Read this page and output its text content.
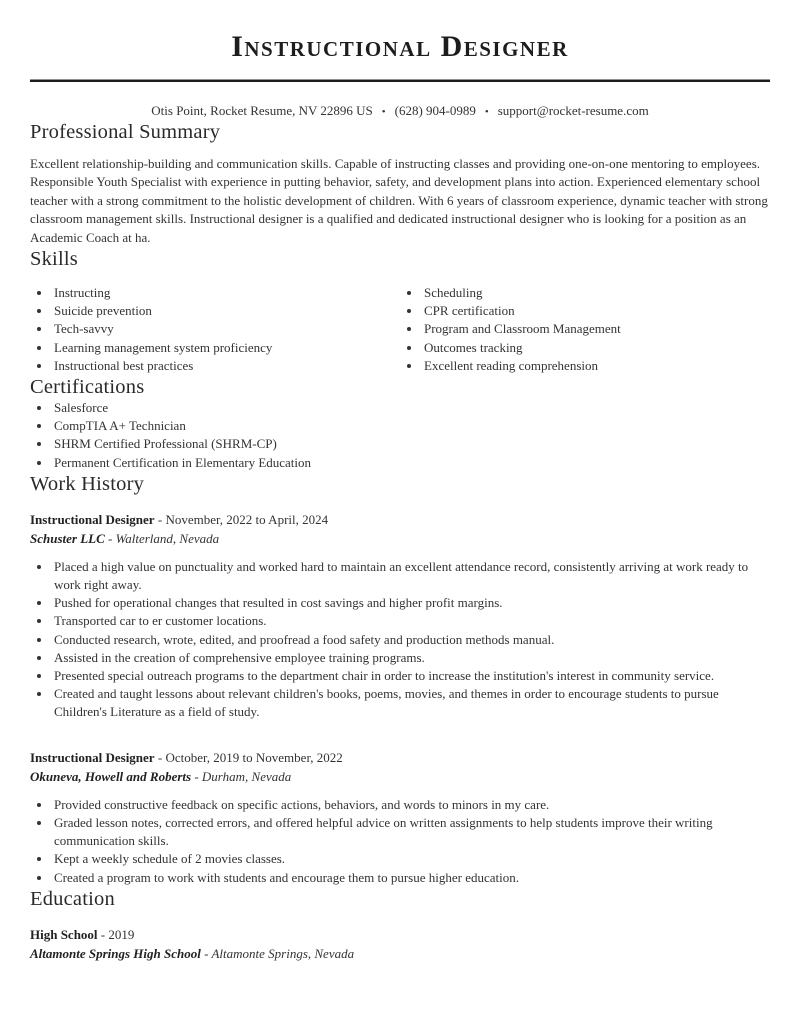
Instructional Designer
Otis Point, Rocket Resume, NV 22896 US • (628) 904-0989 • support@rocket-resume.com
Professional Summary

Excellent relationship-building and communication skills. Capable of instructing classes and providing one-on-one mentoring to employees. Responsible Youth Specialist with experience in putting behavior, safety, and development plans into action. Experienced elementary school teacher with a strong commitment to the holistic development of children. With 6 years of classroom experience, dynamic teacher with strong classroom management skills. Instructional designer is a qualified and dedicated instructional designer who is looking for a position as an Academic Coach at ha.

Skills
• Instructing
• Suicide prevention
• Tech-savvy
• Learning management system proficiency
• Instructional best practices
• Scheduling
• CPR certification
• Program and Classroom Management
• Outcomes tracking
• Excellent reading comprehension
Certifications
• Salesforce
• CompTIA A+ Technician
• SHRM Certified Professional (SHRM-CP)
• Permanent Certification in Elementary Education
Work History
Instructional Designer - November, 2022 to April, 2024
Schuster LLC - Walterland, Nevada
• Placed a high value on punctuality and worked hard to maintain an excellent attendance record, consistently arriving at work ready to work right away.
• Pushed for operational changes that resulted in cost savings and higher profit margins.
• Transported car to er customer locations.
• Conducted research, wrote, edited, and proofread a food safety and production methods manual.
• Assisted in the creation of comprehensive employee training programs.
• Presented special outreach programs to the department chair in order to increase the institution's interest in community service.
• Created and taught lessons about relevant children's books, poems, movies, and themes in order to encourage students to pursue Children's Literature as a field of study.
Instructional Designer - October, 2019 to November, 2022
Okuneva, Howell and Roberts - Durham, Nevada
• Provided constructive feedback on specific actions, behaviors, and words to minors in my care.
• Graded lesson notes, corrected errors, and offered helpful advice on written assignments to help students improve their writing communication skills.
• Kept a weekly schedule of 2 movies classes.
• Created a program to work with students and encourage them to pursue higher education.
Education
High School - 2019
Altamonte Springs High School - Altamonte Springs, Nevada
